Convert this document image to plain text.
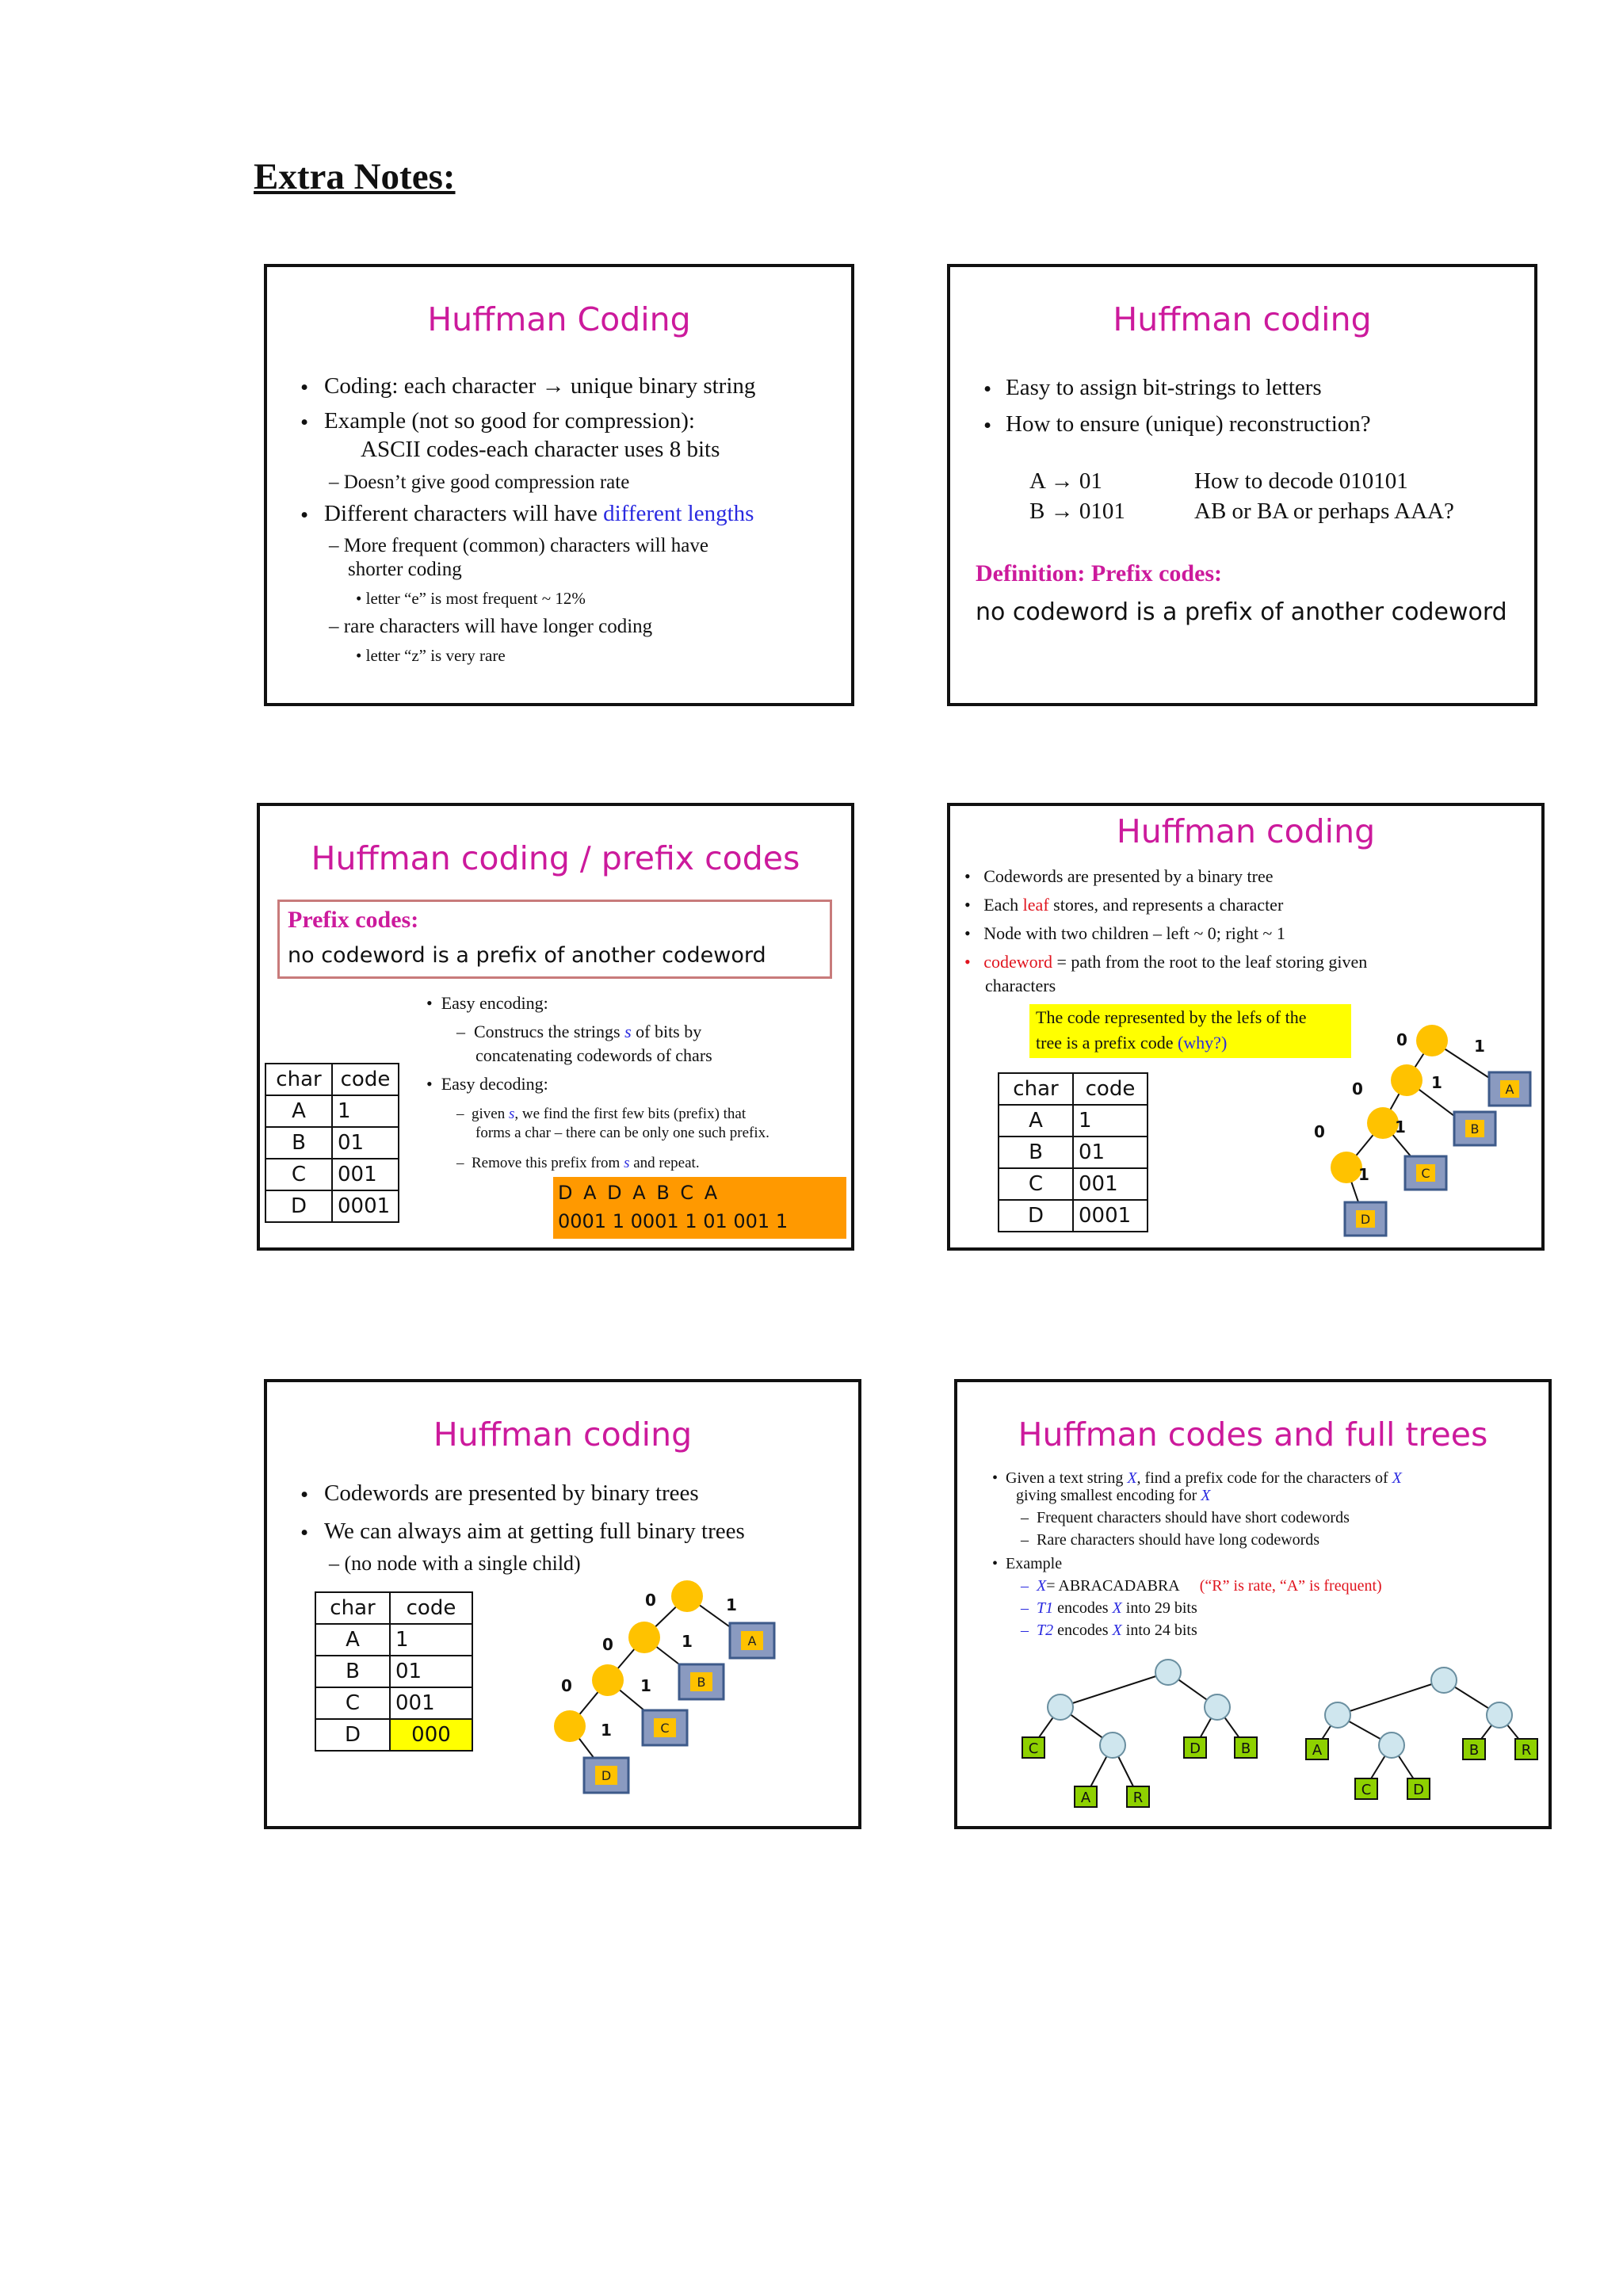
Extra Notes:
Huffman Coding
• Coding: each character → unique binary string
• Example (not so good for compression):
ASCII codes-each character uses 8 bits
– Doesn’t give good compression rate
• Different characters will have different lengths
– More frequent (common) characters will have
shorter coding
• letter “e” is most frequent ~ 12%
– rare characters will have longer coding
• letter “z” is very rare
Huffman coding
• Easy to assign bit-strings to letters
• How to ensure (unique) reconstruction?
A → 01
B → 0101
How to decode 010101
AB or BA or perhaps AAA?
Definition: Prefix codes:
no codeword is a prefix of another codeword
Huffman coding / prefix codes
Prefix codes:
no codeword is a prefix of another codeword
•  Easy encoding:
–  Construcs the strings s of bits by
concatenating codewords of chars
•  Easy decoding:
–  given s, we find the first few bits (prefix) that
forms a char – there can be only one such prefix.
–  Remove this prefix from s and repeat.
D A D A B C A
0001 1 0001 1 01 001 1
char	code
A	1
B	01
C	001
D	0001
Huffman coding
•   Codewords are presented by a binary tree
•   Each leaf stores, and represents a character
•   Node with two children – left ~ 0; right ~ 1
• codeword = path from the root to the leaf storing given
characters
The code represented by the lefs of the
tree is a prefix code (why?)
char	code
A	1
B	01
C	001
D	0001
A
B
C
D
0	1
0	1
0	1
1
Huffman coding
• Codewords are presented by binary trees
• We can always aim at getting full binary trees
– (no node with a single child)
char	code
A	1
B	01
C	001
D	000
A
B
C
D
0	1
0	1
0	1
1
Huffman codes and full trees
•  Given a text string X, find a prefix code for the characters of X
giving smallest encoding for X
–  Frequent characters should have short codewords
–  Rare characters should have long codewords
•  Example
– X= ABRACADABRA (“R” is rate, “A” is frequent)
– T1 encodes X into 29 bits
– T2 encodes X into 24 bits
C
A	R
D	B	A
C	D
B	R
